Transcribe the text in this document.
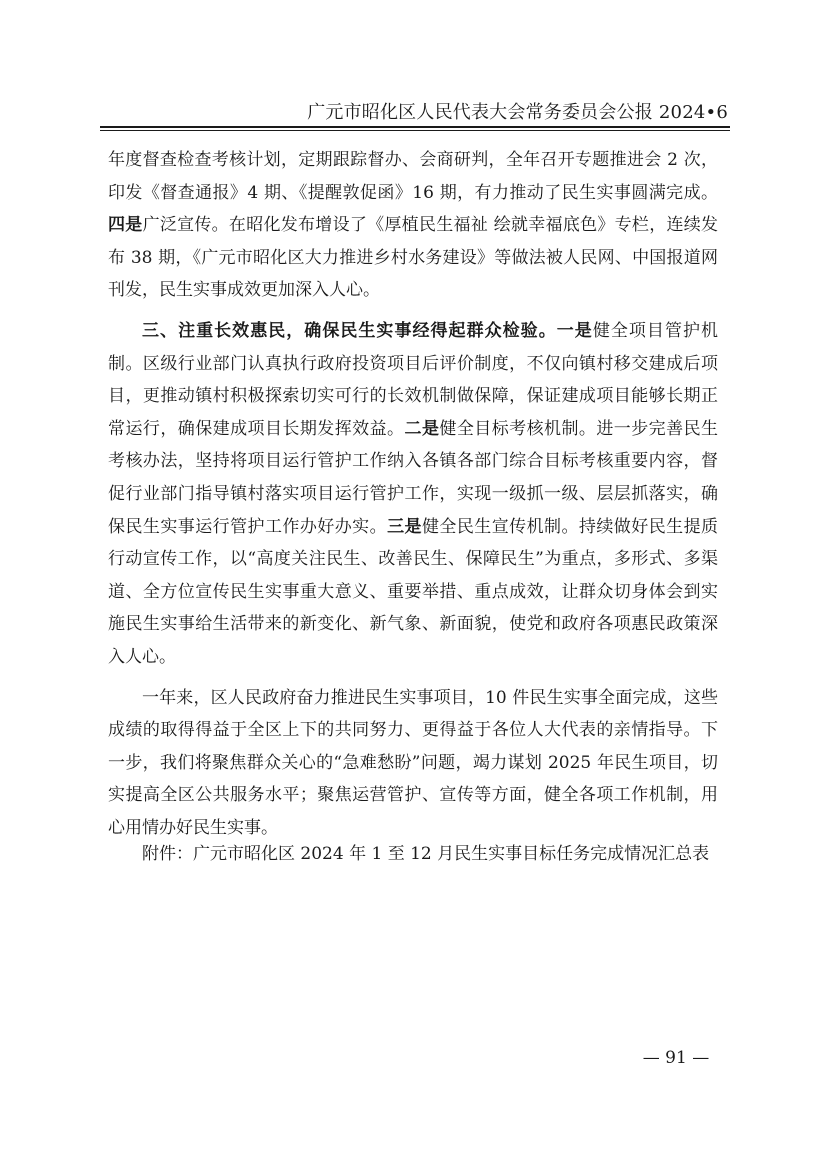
广元市昭化区人民代表大会常务委员会公报 2024•6

年度督查检查考核计划，定期跟踪督办、会商研判，全年召开专题推进会 2 次，印发《督查通报》4 期、《提醒敦促函》16 期，有力推动了民生实事圆满完成。四是广泛宣传。在昭化发布增设了《厚植民生福祉 绘就幸福底色》专栏，连续发布 38 期，《广元市昭化区大力推进乡村水务建设》等做法被人民网、中国报道网刊发，民生实事成效更加深入人心。

三、注重长效惠民，确保民生实事经得起群众检验。一是健全项目管护机制。区级行业部门认真执行政府投资项目后评价制度，不仅向镇村移交建成后项目，更推动镇村积极探索切实可行的长效机制做保障，保证建成项目能够长期正常运行，确保建成项目长期发挥效益。二是健全目标考核机制。进一步完善民生考核办法，坚持将项目运行管护工作纳入各镇各部门综合目标考核重要内容，督促行业部门指导镇村落实项目运行管护工作，实现一级抓一级、层层抓落实，确保民生实事运行管护工作办好办实。三是健全民生宣传机制。持续做好民生提质行动宣传工作，以“高度关注民生、改善民生、保障民生”为重点，多形式、多渠道、全方位宣传民生实事重大意义、重要举措、重点成效，让群众切身体会到实施民生实事给生活带来的新变化、新气象、新面貌，使党和政府各项惠民政策深入人心。

一年来，区人民政府奋力推进民生实事项目，10 件民生实事全面完成，这些成绩的取得得益于全区上下的共同努力、更得益于各位人大代表的亲情指导。下一步，我们将聚焦群众关心的“急难愁盼”问题，竭力谋划 2025 年民生项目，切实提高全区公共服务水平；聚焦运营管护、宣传等方面，健全各项工作机制，用心用情办好民生实事。

附件：广元市昭化区 2024 年 1 至 12 月民生实事目标任务完成情况汇总表
— 91 —
